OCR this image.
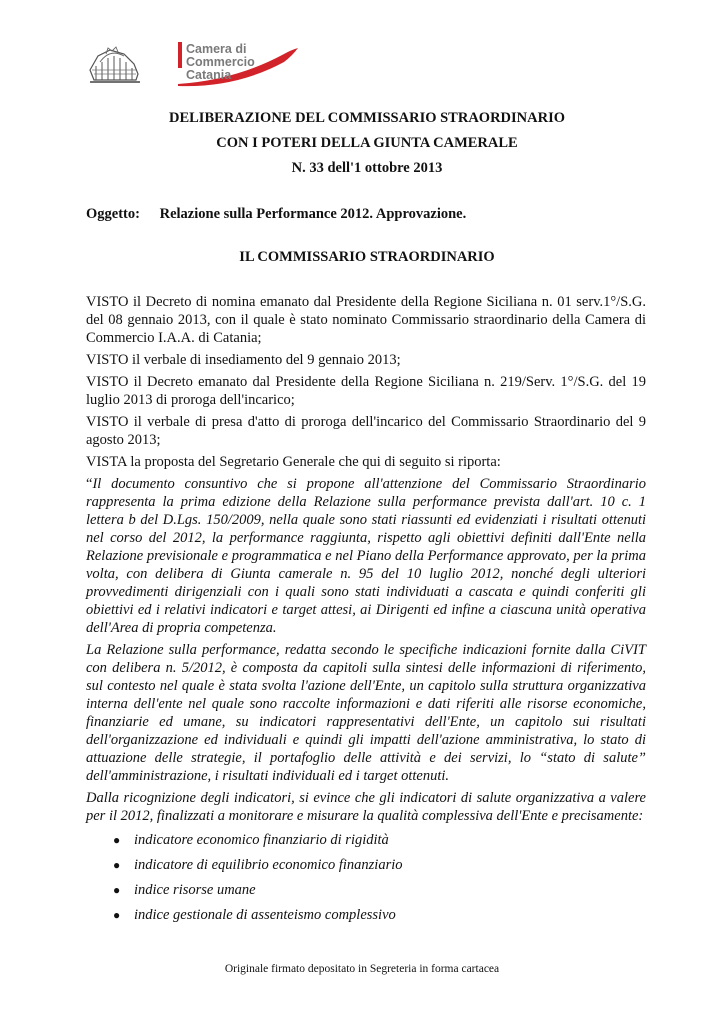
Camera di Commercio
Catania
DELIBERAZIONE DEL COMMISSARIO STRAORDINARIO
CON I POTERI DELLA GIUNTA CAMERALE
N. 33 dell'1 ottobre 2013
Oggetto: Relazione sulla Performance 2012. Approvazione.
IL COMMISSARIO STRAORDINARIO

VISTO il Decreto di nomina emanato dal Presidente della Regione Siciliana n. 01 serv.1°/S.G. del 08 gennaio 2013, con il quale è stato nominato Commissario straordinario della Camera di Commercio I.A.A. di Catania;

VISTO il verbale di insediamento del 9 gennaio 2013;

VISTO il Decreto emanato dal Presidente della Regione Siciliana n. 219/Serv. 1°/S.G. del 19 luglio 2013 di proroga dell'incarico;

VISTO il verbale di presa d'atto di proroga dell'incarico del Commissario Straordinario del 9 agosto 2013;

VISTA la proposta del Segretario Generale che qui di seguito si riporta:

“Il documento consuntivo che si propone all'attenzione del Commissario Straordinario rappresenta la prima edizione della Relazione sulla performance prevista dall'art. 10 c. 1 lettera b del D.Lgs. 150/2009, nella quale sono stati riassunti ed evidenziati i risultati ottenuti nel corso del 2012, la performance raggiunta, rispetto agli obiettivi definiti dall'Ente nella Relazione previsionale e programmatica e nel Piano della Performance approvato, per la prima volta, con delibera di Giunta camerale n. 95 del 10 luglio 2012, nonché degli ulteriori provvedimenti dirigenziali con i quali sono stati individuati a cascata e quindi conferiti gli obiettivi ed i relativi indicatori e target attesi, ai Dirigenti ed infine a ciascuna unità operativa dell'Area di propria competenza.

La Relazione sulla performance, redatta secondo le specifiche indicazioni fornite dalla CiVIT con delibera n. 5/2012, è composta da capitoli sulla sintesi delle informazioni di riferimento, sul contesto nel quale è stata svolta l'azione dell'Ente, un capitolo sulla struttura organizzativa interna dell'ente nel quale sono raccolte informazioni e dati riferiti alle risorse economiche, finanziarie ed umane, su indicatori rappresentativi dell'Ente, un capitolo sui risultati dell'organizzazione ed individuali e quindi gli impatti dell'azione amministrativa, lo stato di attuazione delle strategie, il portafoglio delle attività e dei servizi, lo “stato di salute” dell'amministrazione, i risultati individuali ed i target ottenuti.

Dalla ricognizione degli indicatori, si evince che gli indicatori di salute organizzativa a valere per il 2012, finalizzati a monitorare e misurare la qualità complessiva dell'Ente e precisamente:

● indicatore economico finanziario di rigidità
● indicatore di equilibrio economico finanziario
● indice risorse umane
● indice gestionale di assenteismo complessivo
Originale firmato depositato in Segreteria in forma cartacea
